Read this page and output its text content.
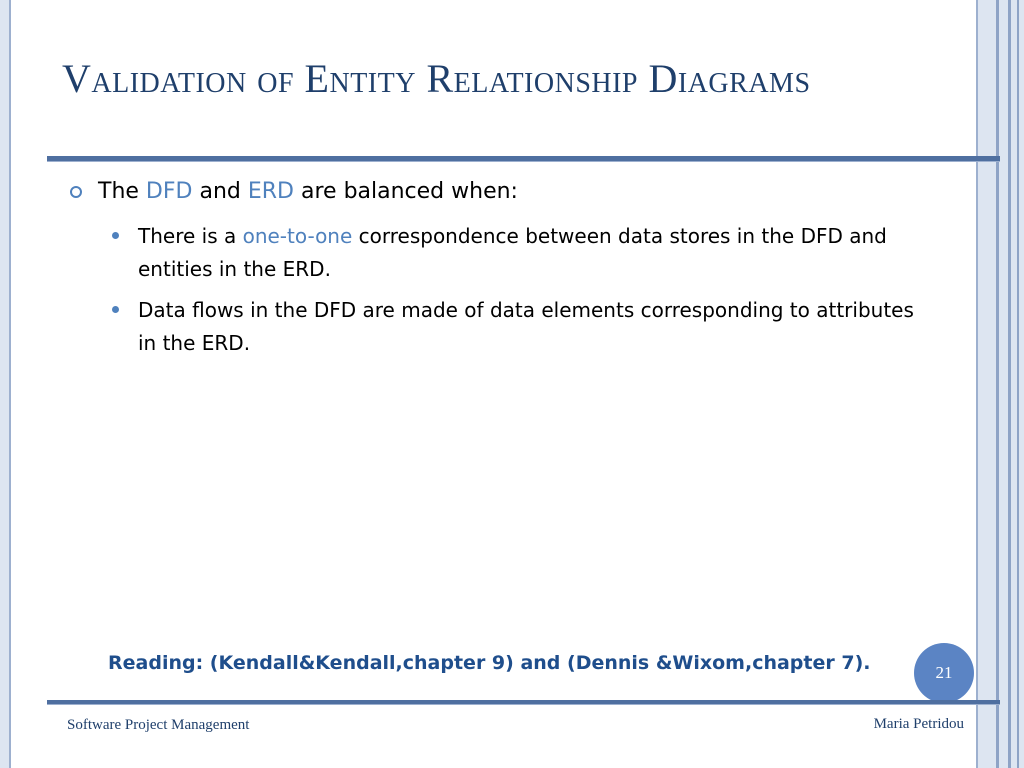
Validation of Entity Relationship Diagrams
The DFD and ERD are balanced when:
There is a one-to-one correspondence between data stores in the DFD and entities in the ERD.
Data flows in the DFD are made of data elements corresponding to attributes in the ERD.
Reading: (Kendall&Kendall,chapter 9) and (Dennis &Wixom,chapter 7).	21
Software Project Management	Maria Petridou
